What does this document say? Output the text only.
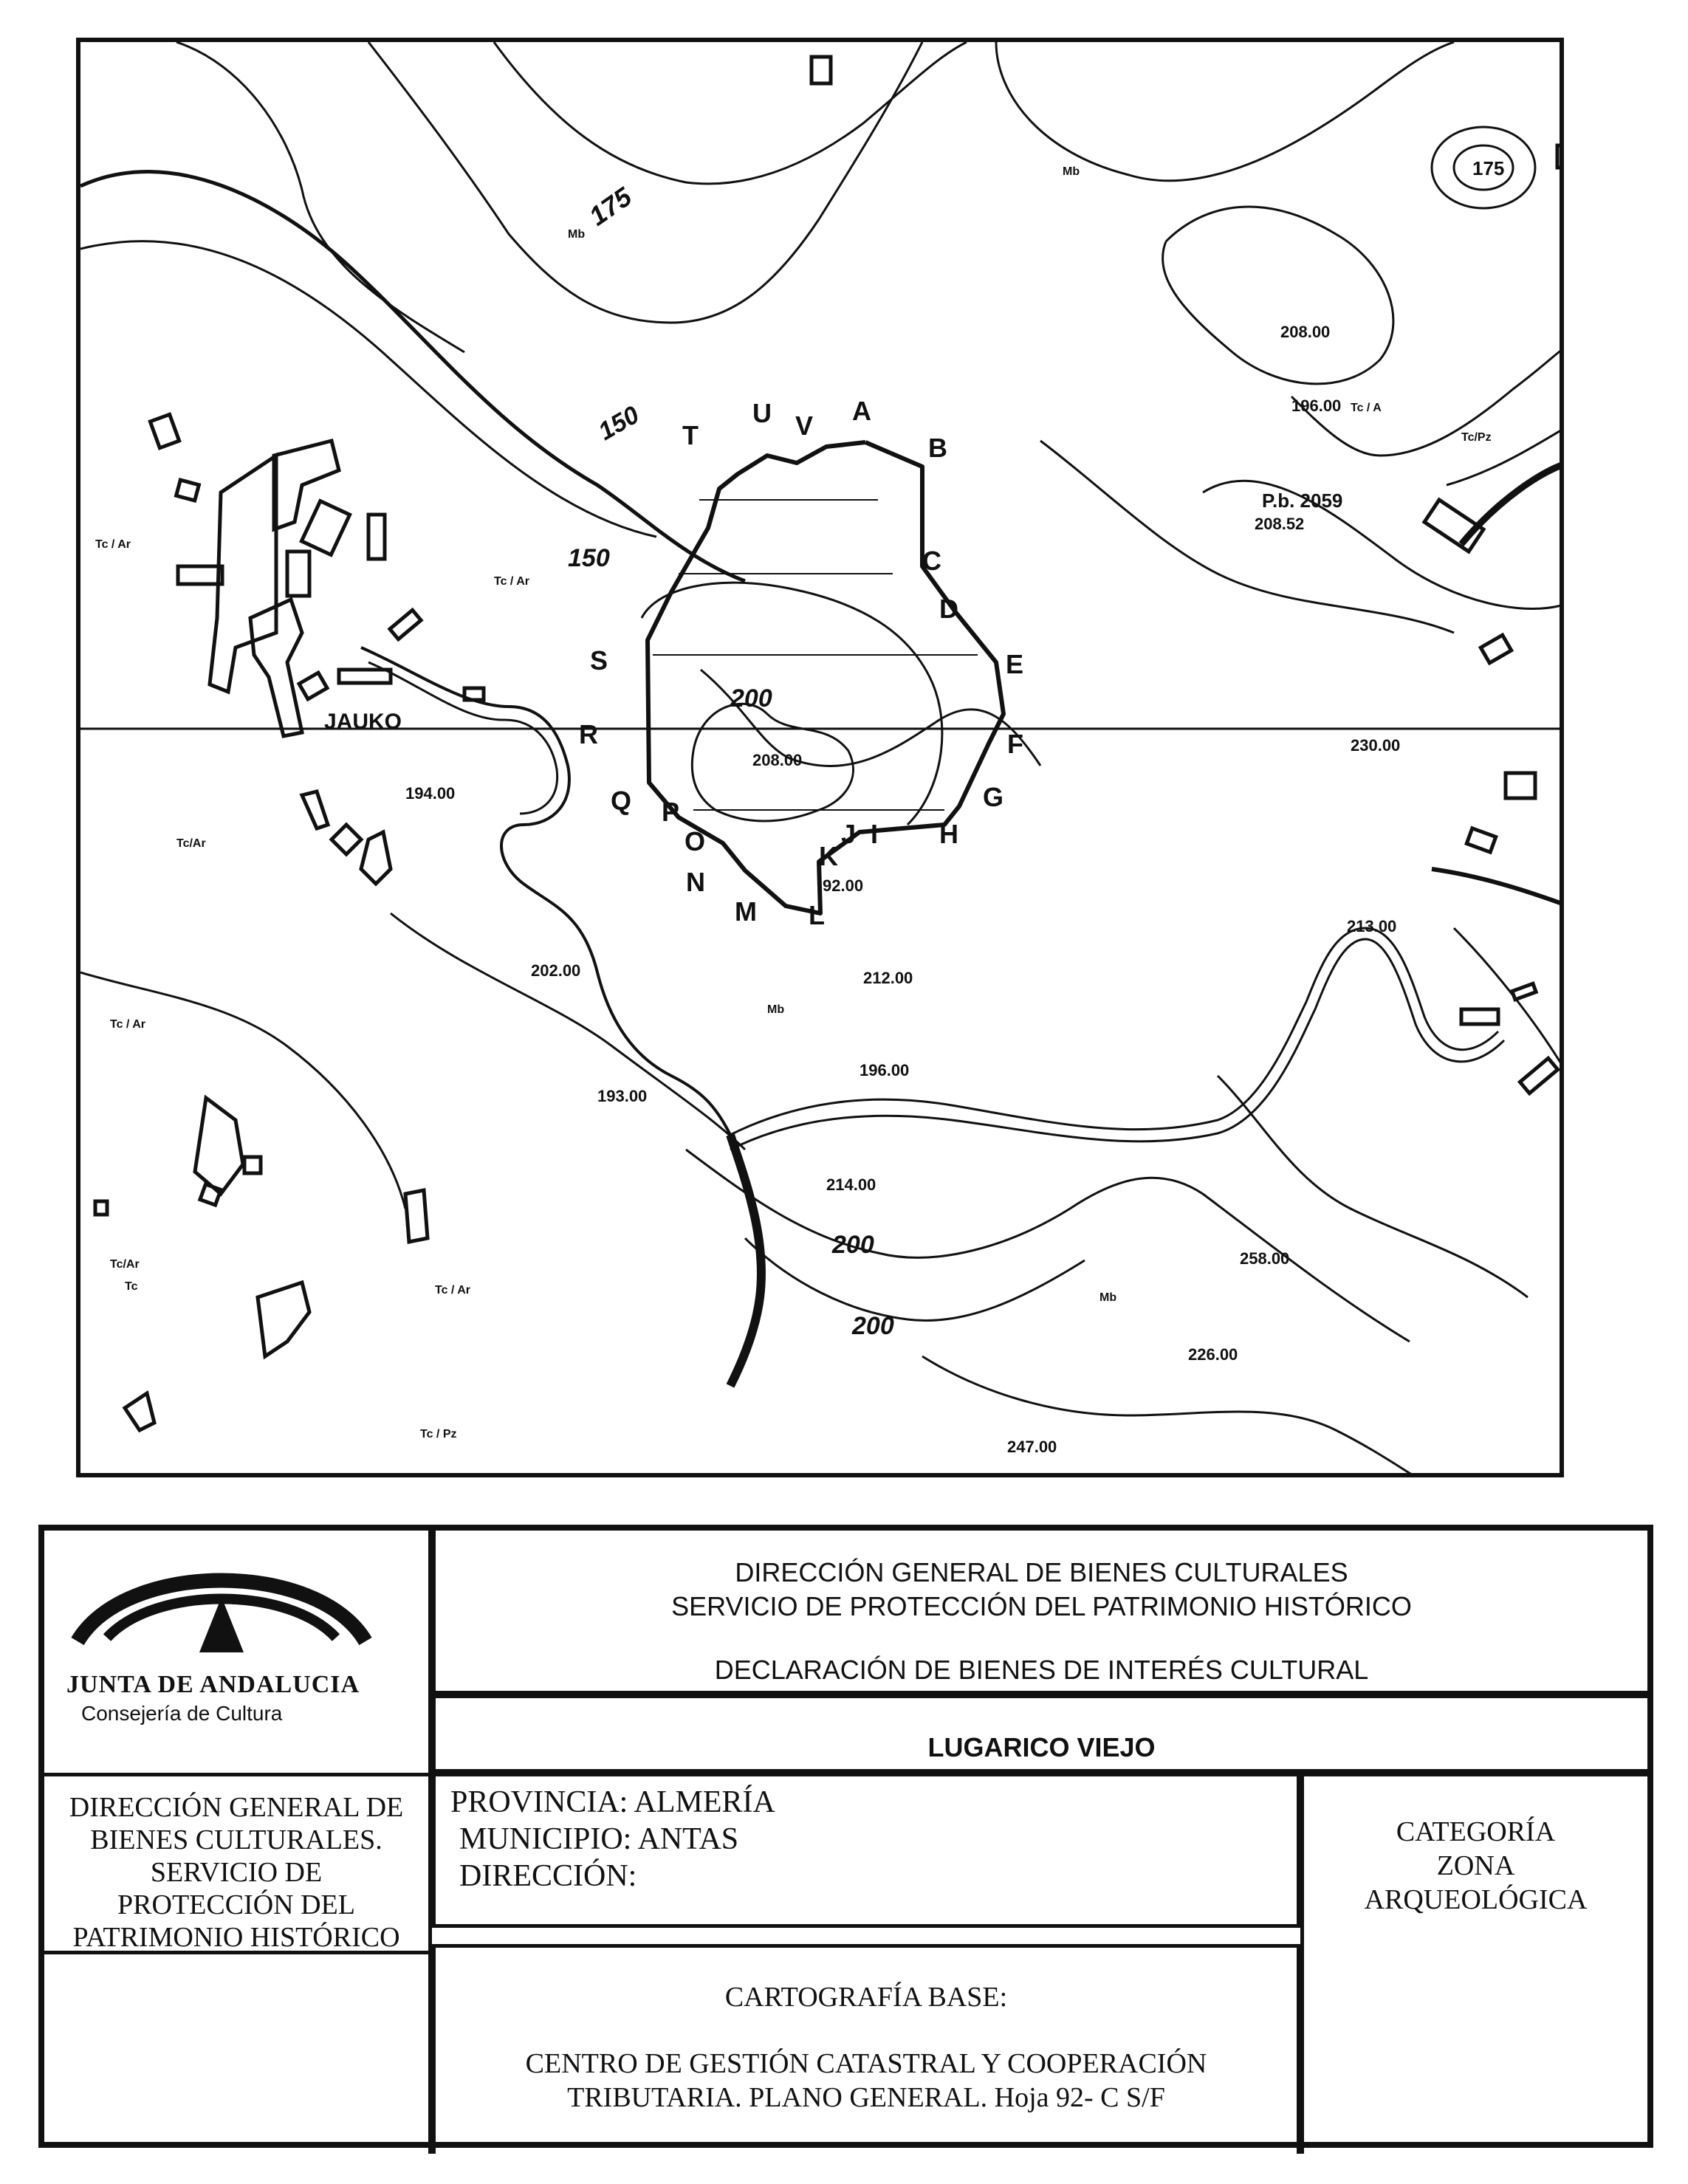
175
150
150
200
200
200
175
208.00
196.00
208.52
194.00
208.00
92.00
202.00	212.00
196.00
193.00
214.00
213.00
230.00
258.00
226.00
247.00
P.b. 2059
JAUKO
Mb
Mb
Tc / Ar
Tc / Ar
Tc / Ar
Tc/Ar
Tc / Ar
Tc
Tc / A
Tc / Pz
Mb
Mb
Tc/Pz
Tc/Ar
A
B
C
D
E
F
G
H
I
J
K
L
M
N
O
P
Q
R
S
T
U V
JUNTA DE ANDALUCIA
Consejería de Cultura
DIRECCIÓN GENERAL DE
BIENES CULTURALES.
SERVICIO DE
PROTECCIÓN DEL
PATRIMONIO HISTÓRICO
DIRECCIÓN GENERAL DE BIENES CULTURALES
SERVICIO DE PROTECCIÓN DEL PATRIMONIO HISTÓRICO
DECLARACIÓN DE BIENES DE INTERÉS CULTURAL
LUGARICO VIEJO
PROVINCIA: ALMERÍA
MUNICIPIO: ANTAS
DIRECCIÓN:
CATEGORÍA
ZONA
ARQUEOLÓGICA
CARTOGRAFÍA BASE:
CENTRO DE GESTIÓN CATASTRAL Y COOPERACIÓN
TRIBUTARIA. PLANO GENERAL. Hoja 92- C S/F
